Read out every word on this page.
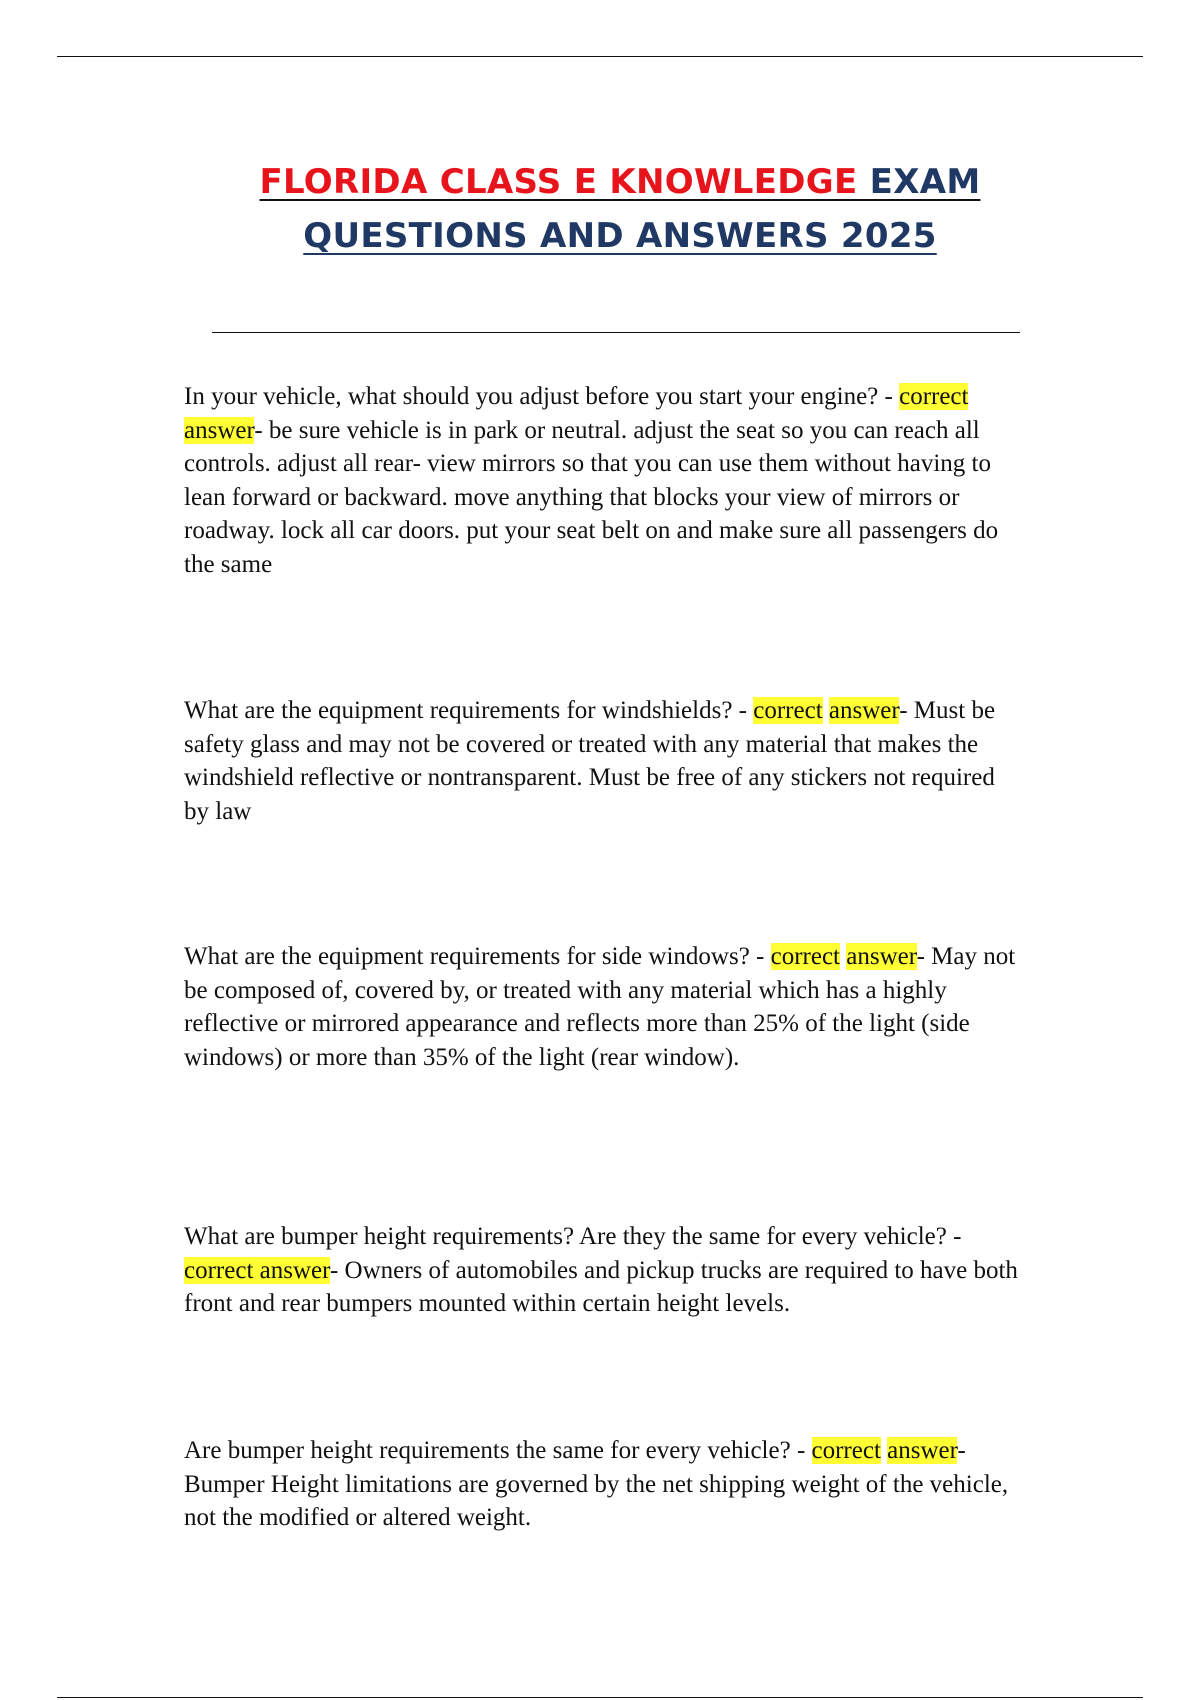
FLORIDA CLASS E KNOWLEDGE EXAM
QUESTIONS AND ANSWERS 2025

In your vehicle, what should you adjust before you start your engine? - correct answer- be sure vehicle is in park or neutral. adjust the seat so you can reach all controls. adjust all rear- view mirrors so that you can use them without having to lean forward or backward. move anything that blocks your view of mirrors or roadway. lock all car doors. put your seat belt on and make sure all passengers do the same

What are the equipment requirements for windshields? - correct answer- Must be safety glass and may not be covered or treated with any material that makes the windshield reflective or nontransparent. Must be free of any stickers not required by law

What are the equipment requirements for side windows? - correct answer- May not be composed of, covered by, or treated with any material which has a highly reflective or mirrored appearance and reflects more than 25% of the light (side windows) or more than 35% of the light (rear window).

What are bumper height requirements? Are they the same for every vehicle? - correct answer- Owners of automobiles and pickup trucks are required to have both front and rear bumpers mounted within certain height levels.

Are bumper height requirements the same for every vehicle? - correct answer- Bumper Height limitations are governed by the net shipping weight of the vehicle, not the modified or altered weight.
